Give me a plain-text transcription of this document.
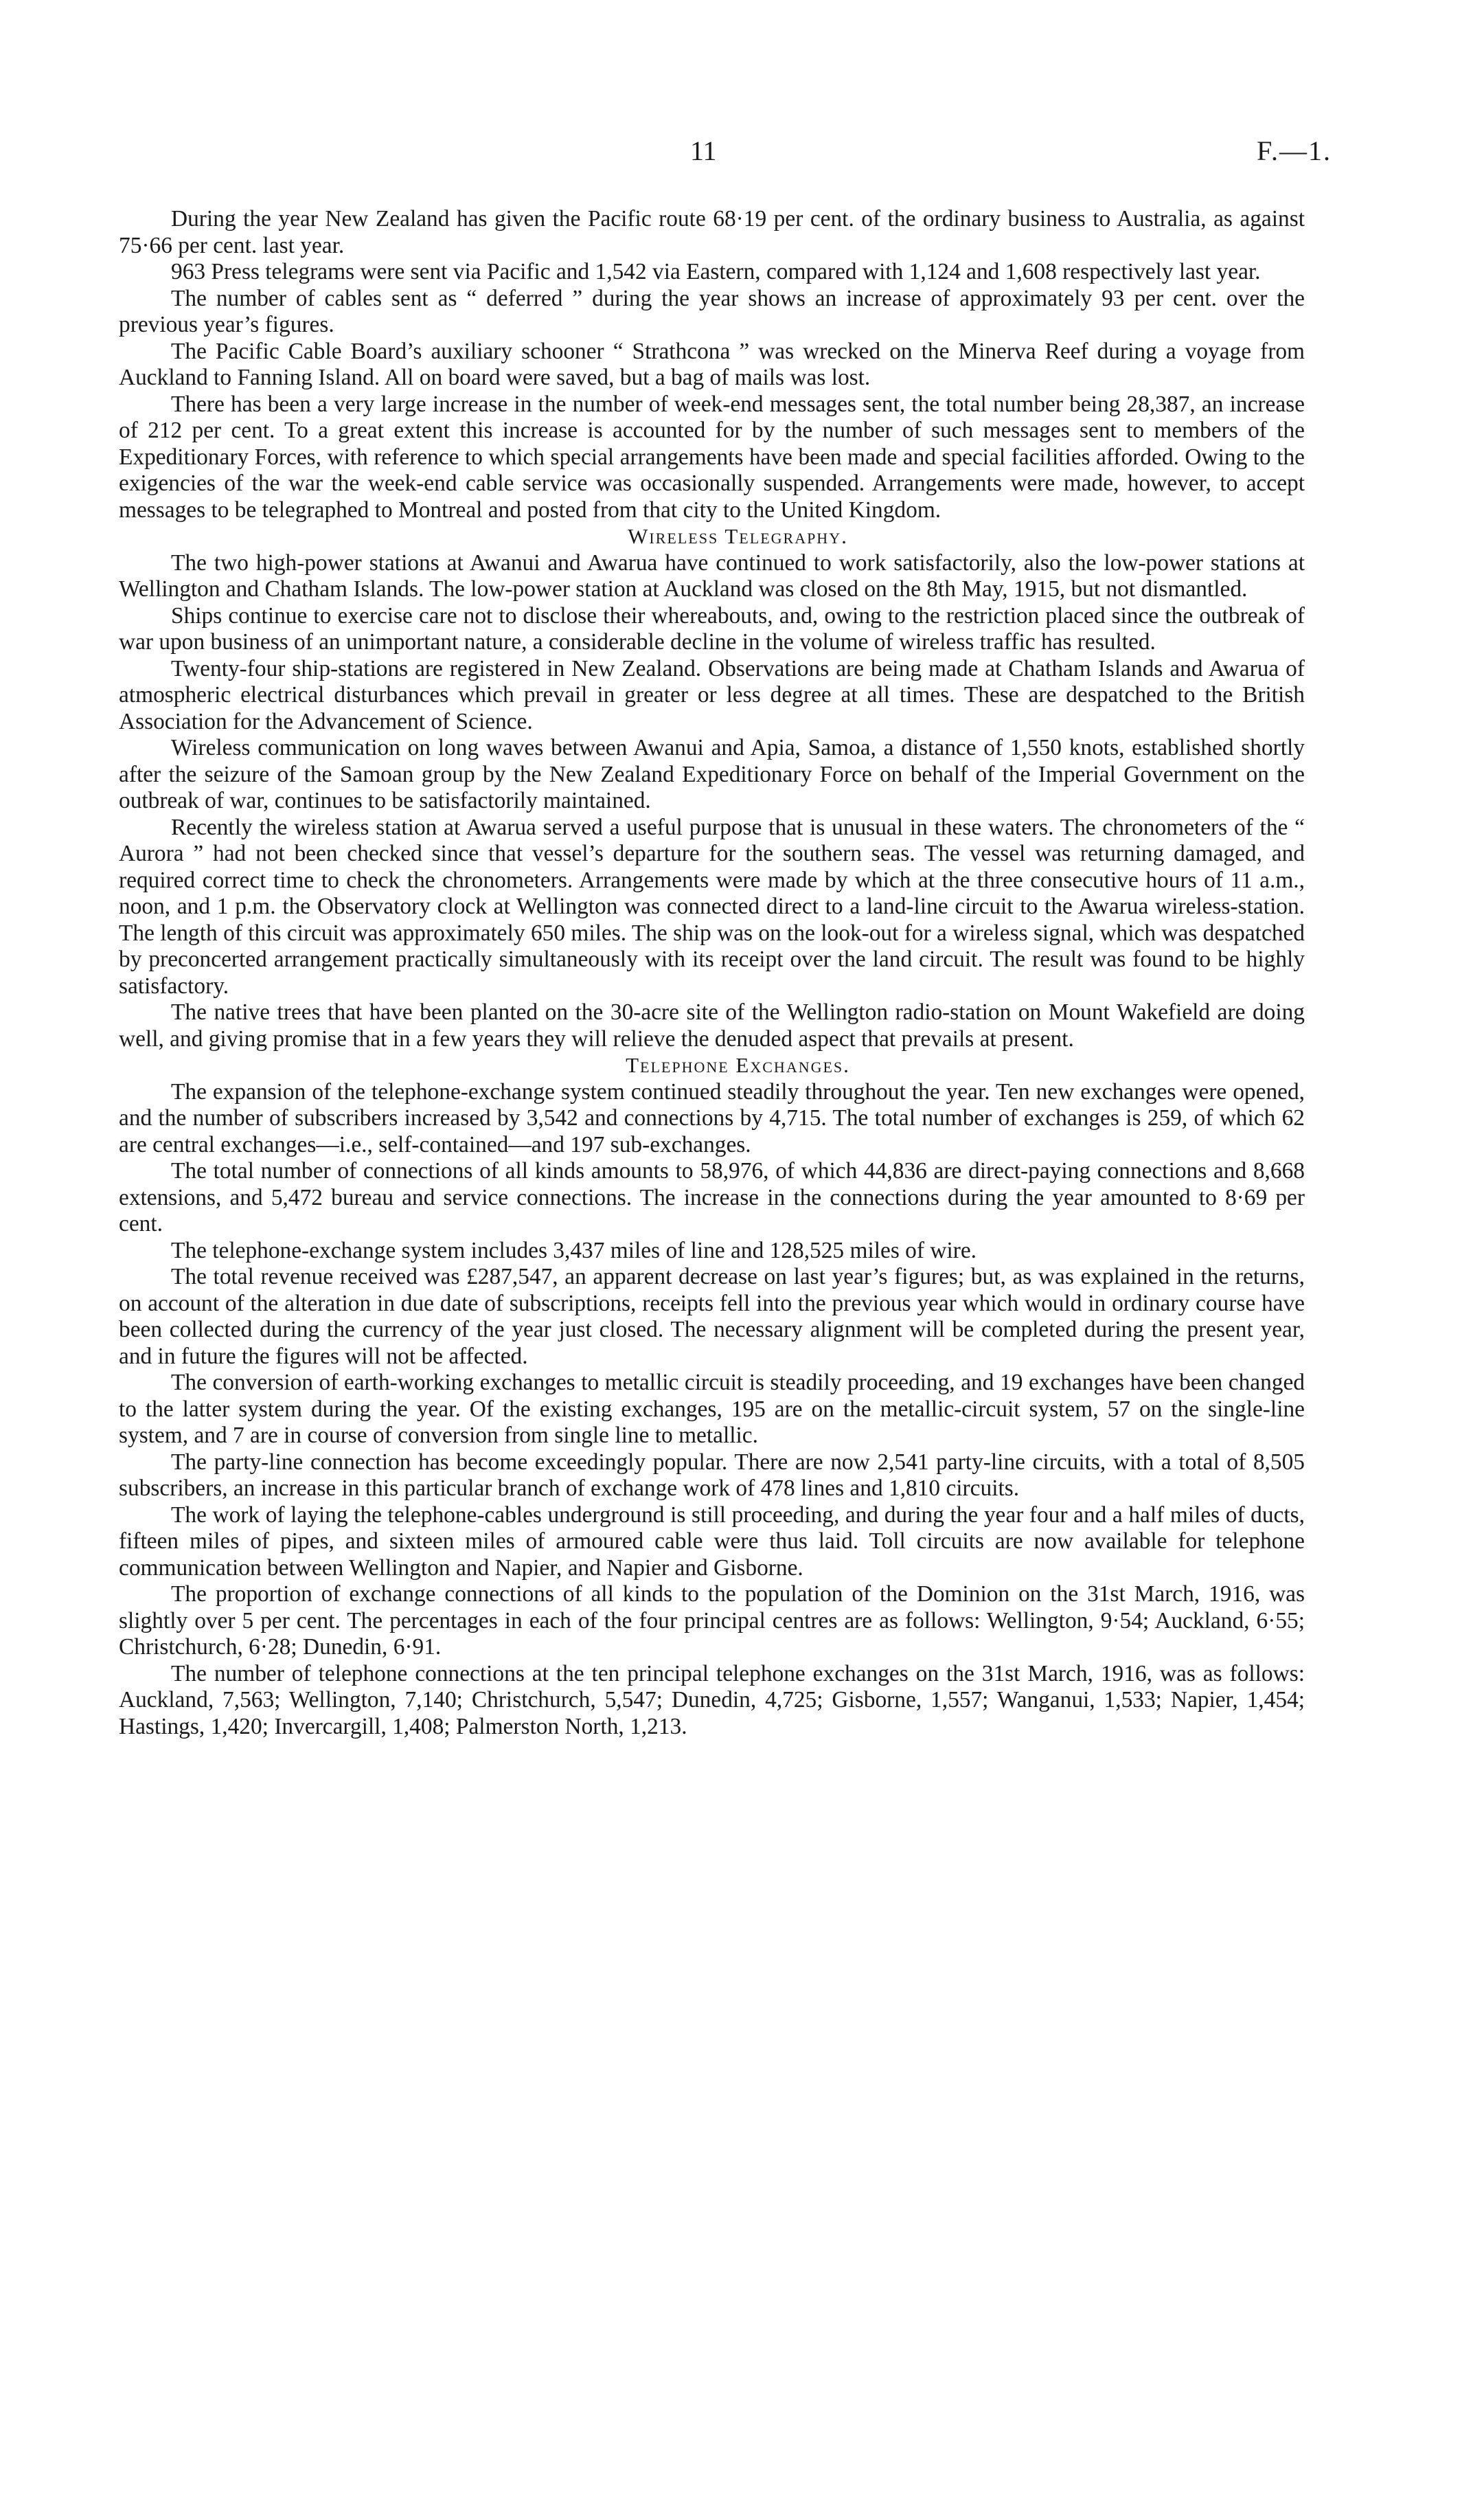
11	F.—1.

During the year New Zealand has given the Pacific route 68·19 per cent. of the ordinary business to Australia, as against 75·66 per cent. last year.

963 Press telegrams were sent via Pacific and 1,542 via Eastern, compared with 1,124 and 1,608 respectively last year.

The number of cables sent as “ deferred ” during the year shows an increase of approximately 93 per cent. over the previous year’s figures.

The Pacific Cable Board’s auxiliary schooner “ Strathcona ” was wrecked on the Minerva Reef during a voyage from Auckland to Fanning Island. All on board were saved, but a bag of mails was lost.

There has been a very large increase in the number of week-end messages sent, the total number being 28,387, an increase of 212 per cent. To a great extent this increase is accounted for by the number of such messages sent to members of the Expeditionary Forces, with reference to which special arrangements have been made and special facilities afforded. Owing to the exigencies of the war the week-end cable service was occasionally suspended. Arrangements were made, however, to accept messages to be telegraphed to Montreal and posted from that city to the United Kingdom.

Wireless Telegraphy.

The two high-power stations at Awanui and Awarua have continued to work satisfactorily, also the low-power stations at Wellington and Chatham Islands. The low-power station at Auckland was closed on the 8th May, 1915, but not dismantled.

Ships continue to exercise care not to disclose their whereabouts, and, owing to the restriction placed since the outbreak of war upon business of an unimportant nature, a considerable decline in the volume of wireless traffic has resulted.

Twenty-four ship-stations are registered in New Zealand. Observations are being made at Chatham Islands and Awarua of atmospheric electrical disturbances which prevail in greater or less degree at all times. These are despatched to the British Association for the Advancement of Science.

Wireless communication on long waves between Awanui and Apia, Samoa, a distance of 1,550 knots, established shortly after the seizure of the Samoan group by the New Zealand Expeditionary Force on behalf of the Imperial Government on the outbreak of war, continues to be satisfactorily maintained.

Recently the wireless station at Awarua served a useful purpose that is unusual in these waters. The chronometers of the “ Aurora ” had not been checked since that vessel’s departure for the southern seas. The vessel was returning damaged, and required correct time to check the chronometers. Arrangements were made by which at the three consecutive hours of 11 a.m., noon, and 1 p.m. the Observatory clock at Wellington was connected direct to a land-line circuit to the Awarua wireless-station. The length of this circuit was approximately 650 miles. The ship was on the look-out for a wireless signal, which was despatched by preconcerted arrangement practically simultaneously with its receipt over the land circuit. The result was found to be highly satisfactory.

The native trees that have been planted on the 30-acre site of the Wellington radio-station on Mount Wakefield are doing well, and giving promise that in a few years they will relieve the denuded aspect that prevails at present.

Telephone Exchanges.

The expansion of the telephone-exchange system continued steadily throughout the year. Ten new exchanges were opened, and the number of subscribers increased by 3,542 and connections by 4,715. The total number of exchanges is 259, of which 62 are central exchanges—i.e., self-contained—and 197 sub-exchanges.

The total number of connections of all kinds amounts to 58,976, of which 44,836 are direct-paying connections and 8,668 extensions, and 5,472 bureau and service connections. The increase in the connections during the year amounted to 8·69 per cent.

The telephone-exchange system includes 3,437 miles of line and 128,525 miles of wire.

The total revenue received was £287,547, an apparent decrease on last year’s figures; but, as was explained in the returns, on account of the alteration in due date of subscriptions, receipts fell into the previous year which would in ordinary course have been collected during the currency of the year just closed. The necessary alignment will be completed during the present year, and in future the figures will not be affected.

The conversion of earth-working exchanges to metallic circuit is steadily proceeding, and 19 exchanges have been changed to the latter system during the year. Of the existing exchanges, 195 are on the metallic-circuit system, 57 on the single-line system, and 7 are in course of conversion from single line to metallic.

The party-line connection has become exceedingly popular. There are now 2,541 party-line circuits, with a total of 8,505 subscribers, an increase in this particular branch of exchange work of 478 lines and 1,810 circuits.

The work of laying the telephone-cables underground is still proceeding, and during the year four and a half miles of ducts, fifteen miles of pipes, and sixteen miles of armoured cable were thus laid. Toll circuits are now available for telephone communication between Wellington and Napier, and Napier and Gisborne.

The proportion of exchange connections of all kinds to the population of the Dominion on the 31st March, 1916, was slightly over 5 per cent. The percentages in each of the four principal centres are as follows: Wellington, 9·54; Auckland, 6·55; Christchurch, 6·28; Dunedin, 6·91.

The number of telephone connections at the ten principal telephone exchanges on the 31st March, 1916, was as follows: Auckland, 7,563; Wellington, 7,140; Christchurch, 5,547; Dunedin, 4,725; Gisborne, 1,557; Wanganui, 1,533; Napier, 1,454; Hastings, 1,420; Invercargill, 1,408; Palmerston North, 1,213.
